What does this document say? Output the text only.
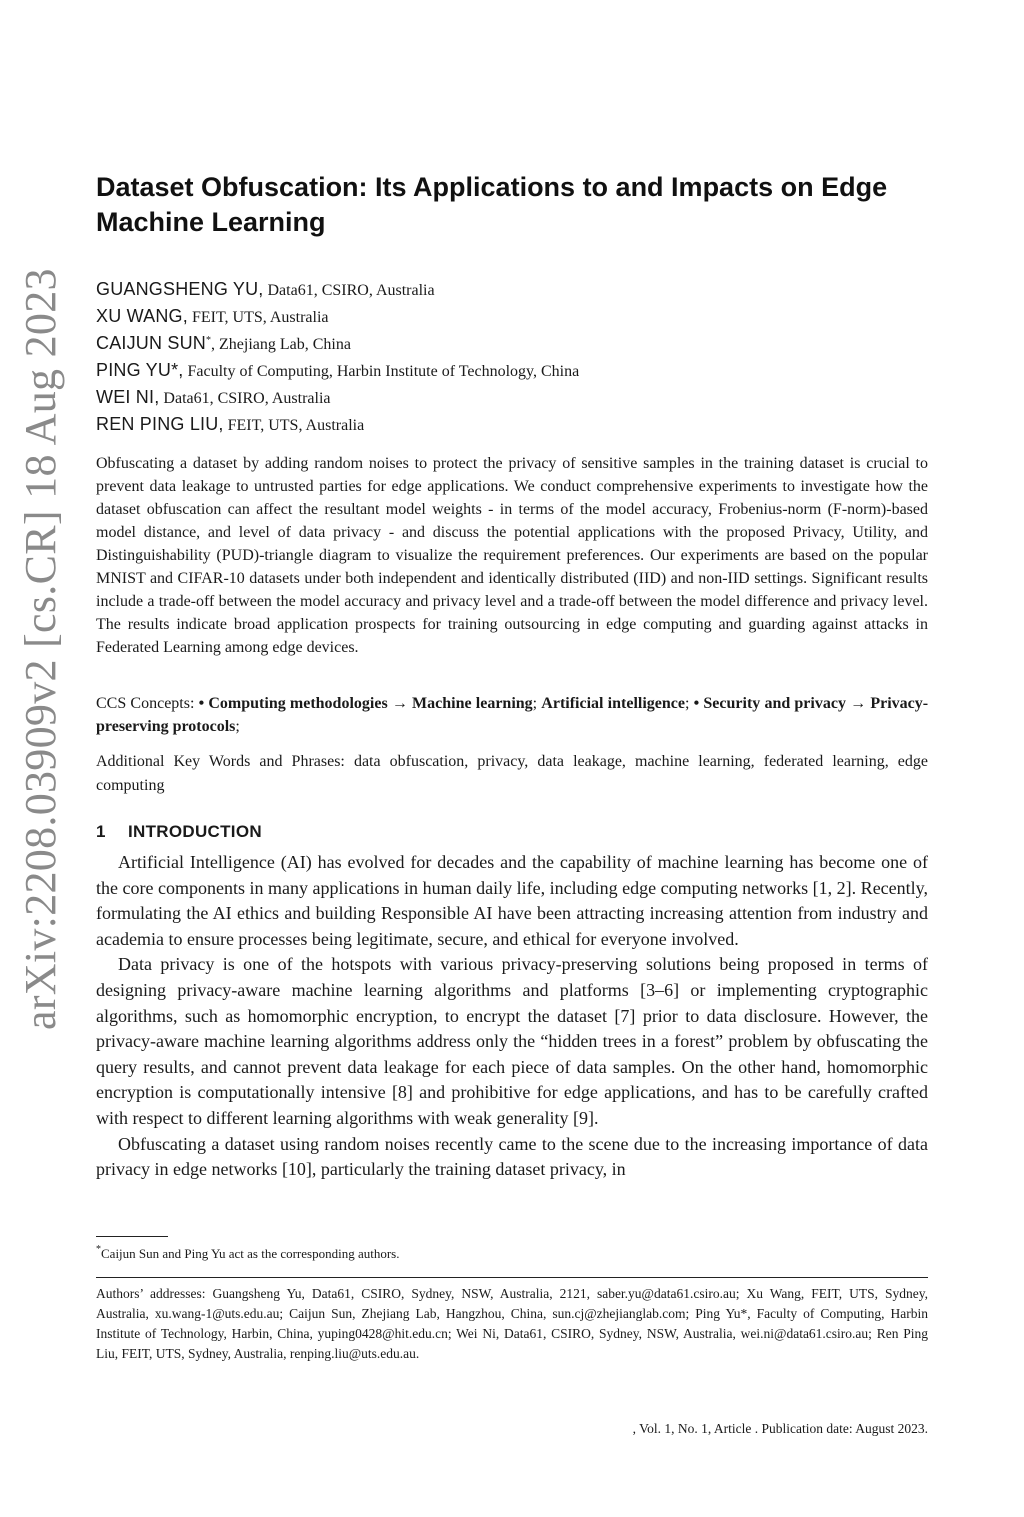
arXiv:2208.03909v2 [cs.CR] 18 Aug 2023
Dataset Obfuscation: Its Applications to and Impacts on Edge Machine Learning
GUANGSHENG YU, Data61, CSIRO, Australia
XU WANG, FEIT, UTS, Australia
CAIJUN SUN*, Zhejiang Lab, China
PING YU*, Faculty of Computing, Harbin Institute of Technology, China
WEI NI, Data61, CSIRO, Australia
REN PING LIU, FEIT, UTS, Australia

Obfuscating a dataset by adding random noises to protect the privacy of sensitive samples in the training dataset is crucial to prevent data leakage to untrusted parties for edge applications. We conduct comprehensive experiments to investigate how the dataset obfuscation can affect the resultant model weights - in terms of the model accuracy, Frobenius-norm (F-norm)-based model distance, and level of data privacy - and discuss the potential applications with the proposed Privacy, Utility, and Distinguishability (PUD)-triangle diagram to visualize the requirement preferences. Our experiments are based on the popular MNIST and CIFAR-10 datasets under both independent and identically distributed (IID) and non-IID settings. Significant results include a trade-off between the model accuracy and privacy level and a trade-off between the model difference and privacy level. The results indicate broad application prospects for training outsourcing in edge computing and guarding against attacks in Federated Learning among edge devices.

CCS Concepts: • Computing methodologies → Machine learning; Artificial intelligence; • Security and privacy → Privacy-preserving protocols;

Additional Key Words and Phrases: data obfuscation, privacy, data leakage, machine learning, federated learning, edge computing

1 INTRODUCTION

Artificial Intelligence (AI) has evolved for decades and the capability of machine learning has become one of the core components in many applications in human daily life, including edge computing networks [1, 2]. Recently, formulating the AI ethics and building Responsible AI have been attracting increasing attention from industry and academia to ensure processes being legitimate, secure, and ethical for everyone involved.

Data privacy is one of the hotspots with various privacy-preserving solutions being proposed in terms of designing privacy-aware machine learning algorithms and platforms [3–6] or implementing cryptographic algorithms, such as homomorphic encryption, to encrypt the dataset [7] prior to data disclosure. However, the privacy-aware machine learning algorithms address only the “hidden trees in a forest” problem by obfuscating the query results, and cannot prevent data leakage for each piece of data samples. On the other hand, homomorphic encryption is computationally intensive [8] and prohibitive for edge applications, and has to be carefully crafted with respect to different learning algorithms with weak generality [9].

Obfuscating a dataset using random noises recently came to the scene due to the increasing importance of data privacy in edge networks [10], particularly the training dataset privacy, in

*Caijun Sun and Ping Yu act as the corresponding authors.

Authors’ addresses: Guangsheng Yu, Data61, CSIRO, Sydney, NSW, Australia, 2121, saber.yu@data61.csiro.au; Xu Wang, FEIT, UTS, Sydney, Australia, xu.wang-1@uts.edu.au; Caijun Sun, Zhejiang Lab, Hangzhou, China, sun.cj@zhejianglab.com; Ping Yu*, Faculty of Computing, Harbin Institute of Technology, Harbin, China, yuping0428@hit.edu.cn; Wei Ni, Data61, CSIRO, Sydney, NSW, Australia, wei.ni@data61.csiro.au; Ren Ping Liu, FEIT, UTS, Sydney, Australia, renping.liu@uts.edu.au.

, Vol. 1, No. 1, Article . Publication date: August 2023.
